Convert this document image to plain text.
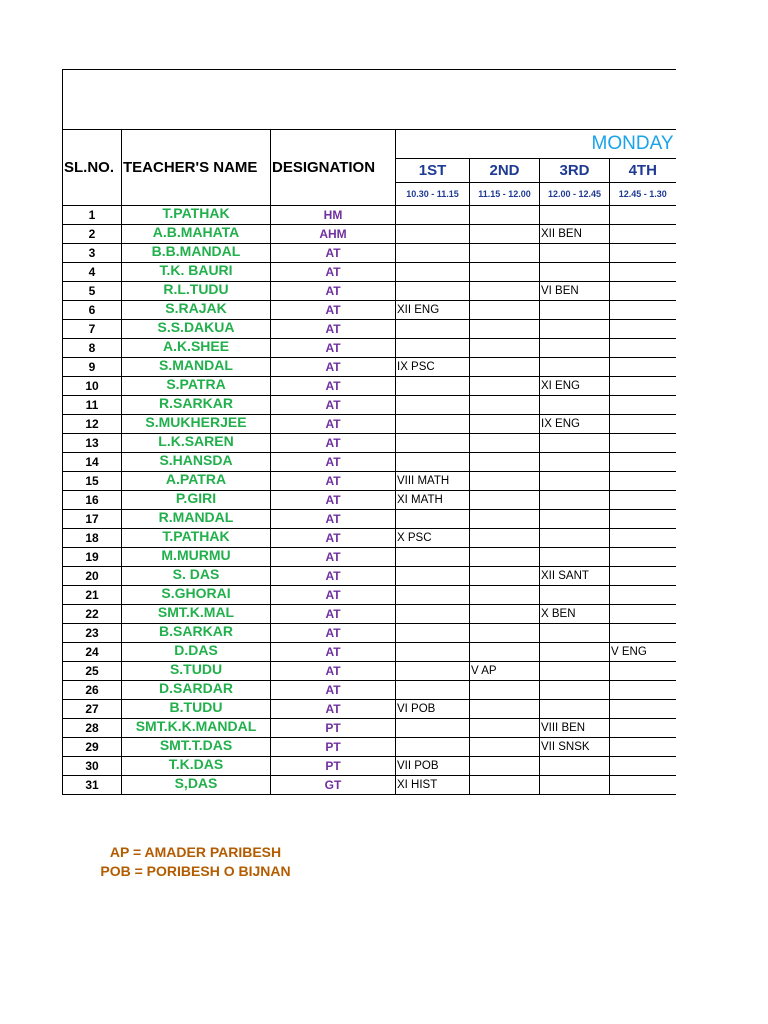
SL.NO.	TEACHER'S NAME	DESIGNATION	MONDAY			
			1ST	2ND	3RD	4TH
			10.30 - 11.15	11.15 - 12.00	12.00 - 12.45	12.45 - 1.30
1	T.PATHAK	HM				
2	A.B.MAHATA	AHM			XII BEN	
3	B.B.MANDAL	AT				
4	T.K. BAURI	AT				
5	R.L.TUDU	AT			VI BEN	
6	S.RAJAK	AT	XII ENG			
7	S.S.DAKUA	AT				
8	A.K.SHEE	AT				
9	S.MANDAL	AT	IX PSC			
10	S.PATRA	AT			XI ENG	
11	R.SARKAR	AT				
12	S.MUKHERJEE	AT			IX ENG	
13	L.K.SAREN	AT				
14	S.HANSDA	AT				
15	A.PATRA	AT	VIII MATH			
16	P.GIRI	AT	XI MATH			
17	R.MANDAL	AT				
18	T.PATHAK	AT	X PSC			
19	M.MURMU	AT				
20	S. DAS	AT			XII SANT	
21	S.GHORAI	AT				
22	SMT.K.MAL	AT			X BEN	
23	B.SARKAR	AT				
24	D.DAS	AT				V ENG
25	S.TUDU	AT		V AP		
26	D.SARDAR	AT				
27	B.TUDU	AT	VI POB			
28	SMT.K.K.MANDAL	PT			VIII BEN	
29	SMT.T.DAS	PT			VII SNSK	
30	T.K.DAS	PT	VII POB			
31	S,DAS	GT	XI HIST			
AP = AMADER PARIBESH
POB = PORIBESH O BIJNAN
